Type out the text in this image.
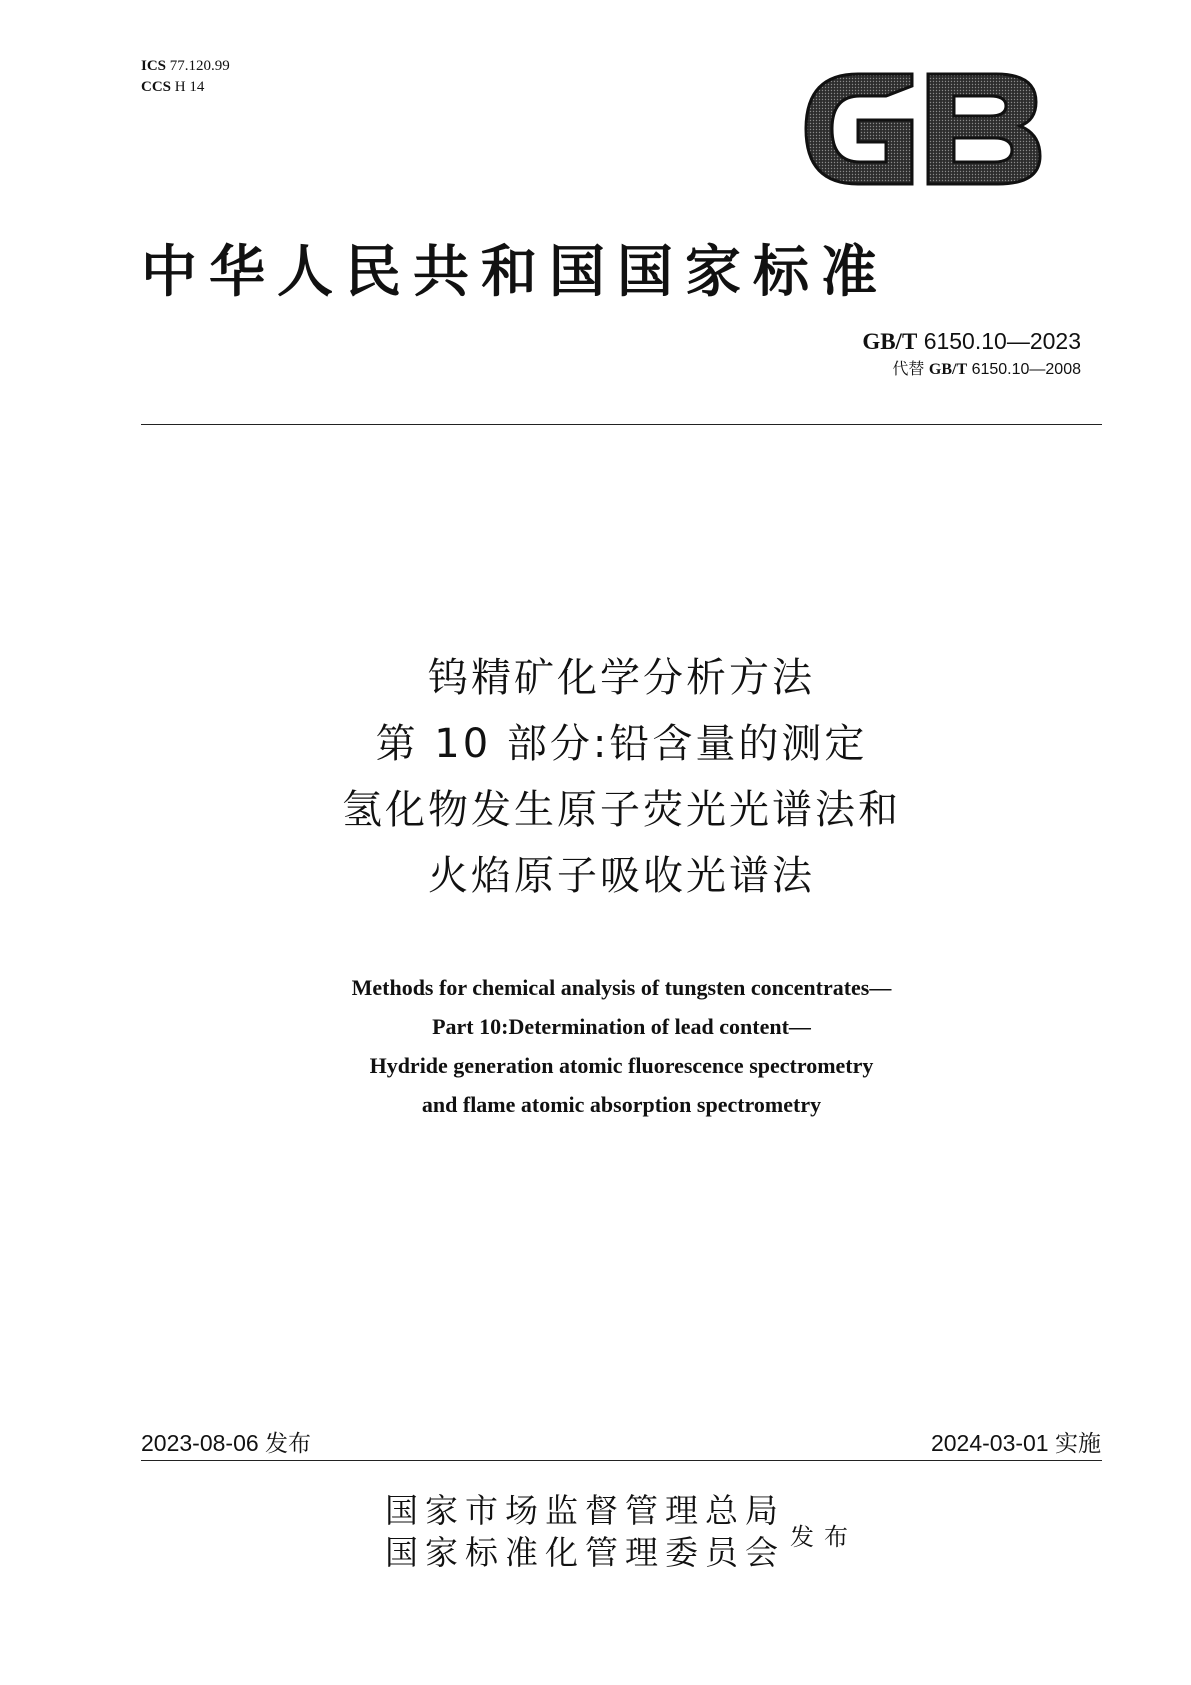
ICS 77.120.99
CCS H 14
中华人民共和国国家标准
GB/T 6150.10—2023
代替 GB/T 6150.10—2008
钨精矿化学分析方法
第 10 部分:铅含量的测定
氢化物发生原子荧光光谱法和
火焰原子吸收光谱法
Methods for chemical analysis of tungsten concentrates—
Part 10:Determination of lead content—
Hydride generation atomic fluorescence spectrometry
and flame atomic absorption spectrometry
2023-08-06 发布	2024-03-01 实施
国家市场监督管理总局
国家标准化管理委员会 发布
